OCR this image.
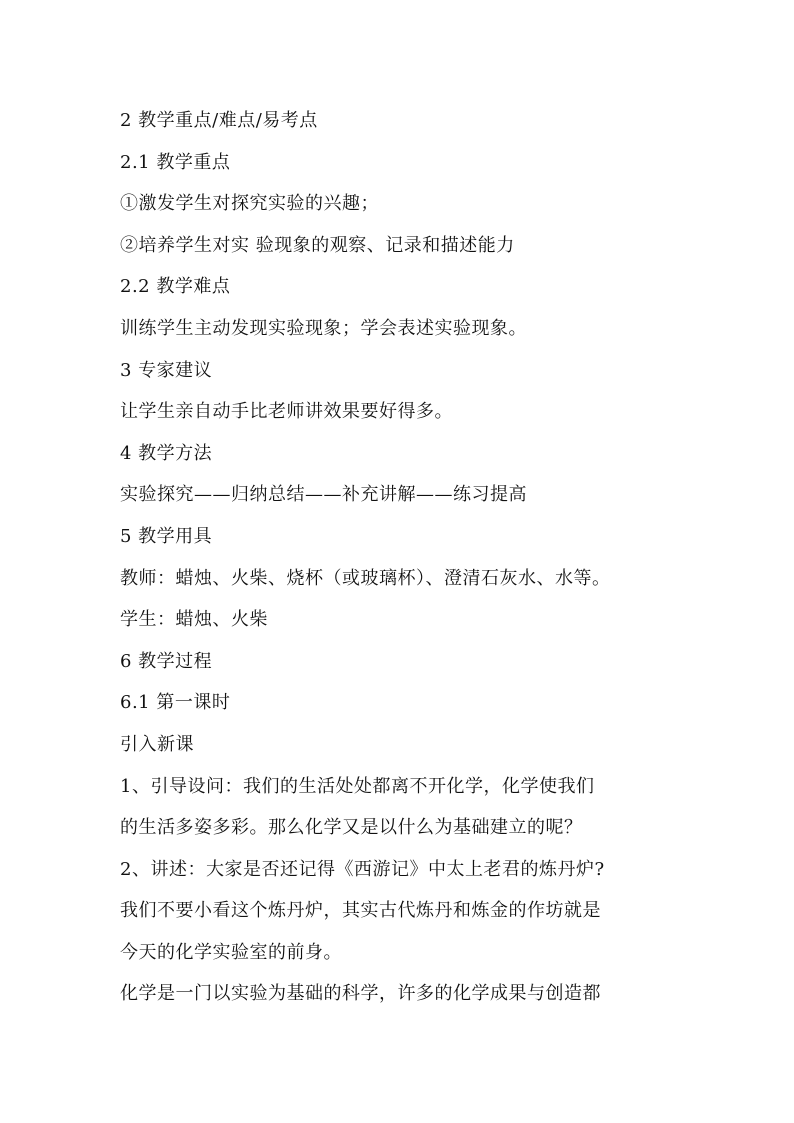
2 教学重点/难点/易考点
2.1 教学重点
①激发学生对探究实验的兴趣；
②培养学生对实 验现象的观察、记录和描述能力
2.2 教学难点
训练学生主动发现实验现象；学会表述实验现象。
3 专家建议
让学生亲自动手比老师讲效果要好得多。
4 教学方法
实验探究——归纳总结——补充讲解——练习提高
5 教学用具
教师：蜡烛、火柴、烧杯（或玻璃杯）、澄清石灰水、水等。
学生：蜡烛、火柴
6 教学过程
6.1 第一课时
引入新课
1、引导设问：我们的生活处处都离不开化学，化学使我们
的生活多姿多彩。那么化学又是以什么为基础建立的呢？
2、讲述：大家是否还记得《西游记》中太上老君的炼丹炉?
我们不要小看这个炼丹炉，其实古代炼丹和炼金的作坊就是
今天的化学实验室的前身。
化学是一门以实验为基础的科学，许多的化学成果与创造都
